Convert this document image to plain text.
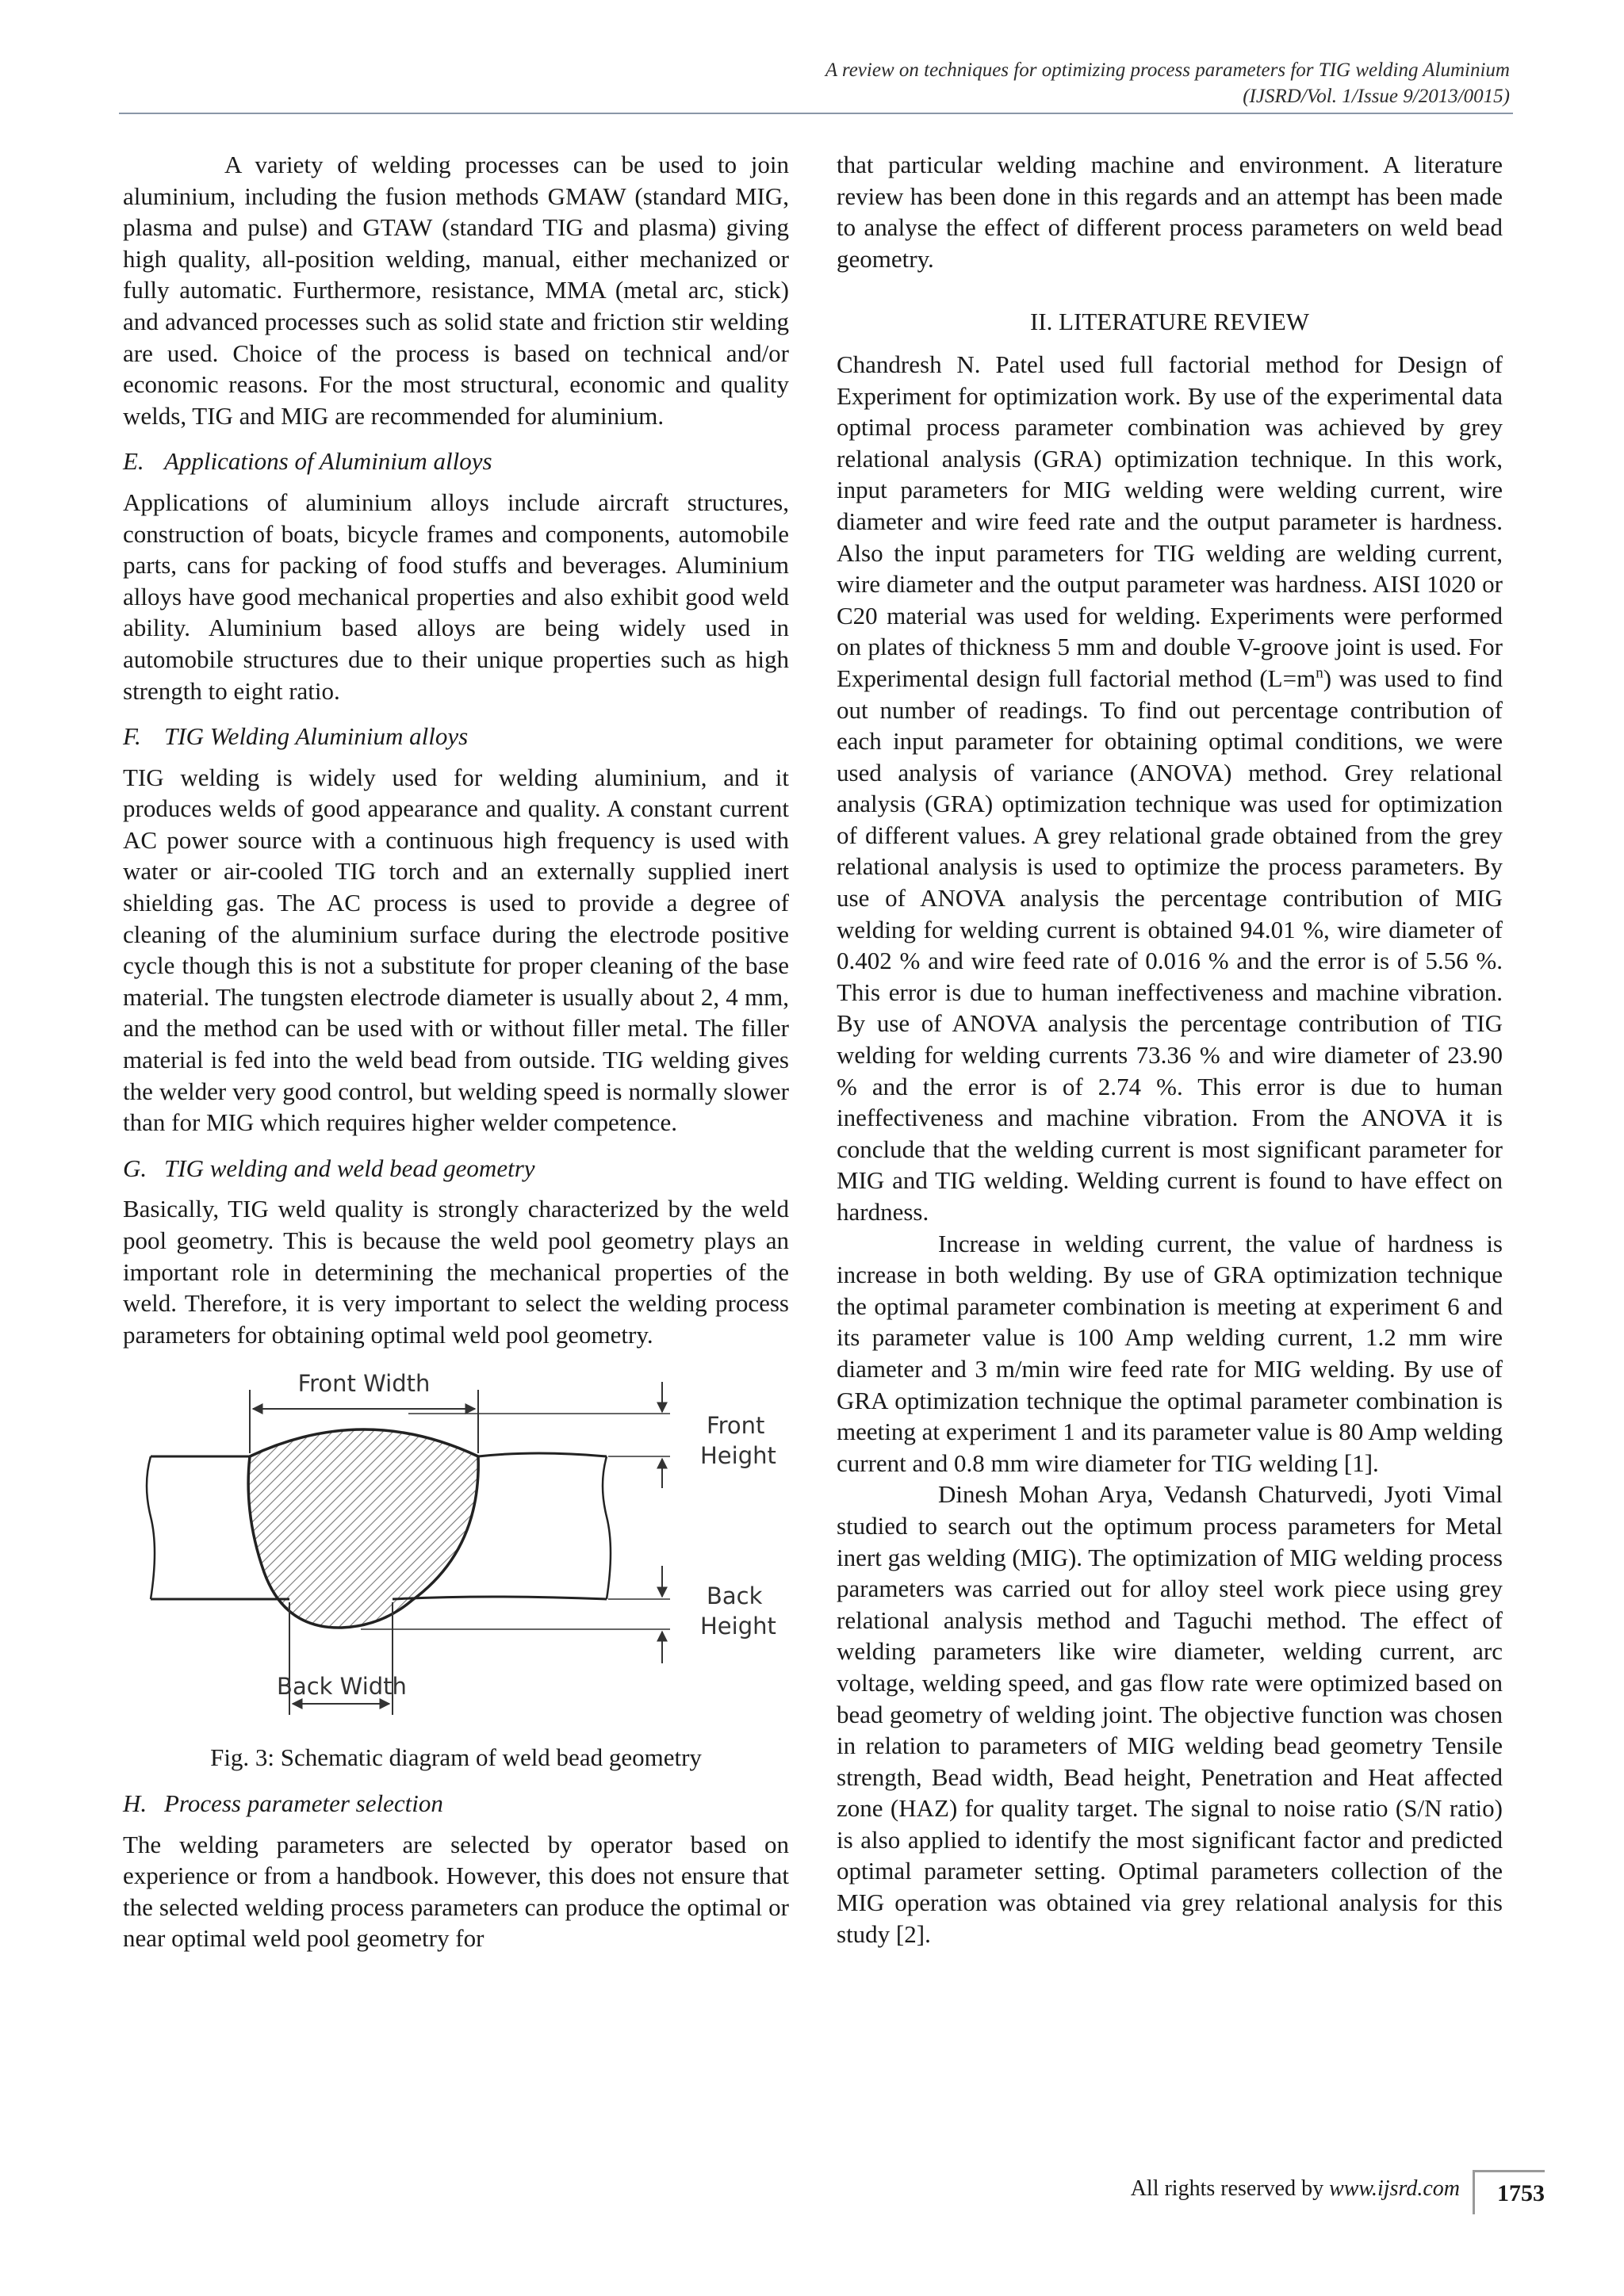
A review on techniques for optimizing process parameters for TIG welding Aluminium
(IJSRD/Vol. 1/Issue 9/2013/0015)

A variety of welding processes can be used to join aluminium, including the fusion methods GMAW (standard MIG, plasma and pulse) and GTAW (standard TIG and plasma) giving high quality, all-position welding, manual, either mechanized or fully automatic. Furthermore, resistance, MMA (metal arc, stick) and advanced processes such as solid state and friction stir welding are used. Choice of the process is based on technical and/or economic reasons. For the most structural, economic and quality welds, TIG and MIG are recommended for aluminium.

E. Applications of Aluminium alloys

Applications of aluminium alloys include aircraft structures, construction of boats, bicycle frames and components, automobile parts, cans for packing of food stuffs and beverages. Aluminium alloys have good mechanical properties and also exhibit good weld ability. Aluminium based alloys are being widely used in automobile structures due to their unique properties such as high strength to eight ratio.

F. TIG Welding Aluminium alloys

TIG welding is widely used for welding aluminium, and it produces welds of good appearance and quality. A constant current AC power source with a continuous high frequency is used with water or air-cooled TIG torch and an externally supplied inert shielding gas. The AC process is used to provide a degree of cleaning of the aluminium surface during the electrode positive cycle though this is not a substitute for proper cleaning of the base material. The tungsten electrode diameter is usually about 2, 4 mm, and the method can be used with or without filler metal. The filler material is fed into the weld bead from outside. TIG welding gives the welder very good control, but welding speed is normally slower than for MIG which requires higher welder competence.

G. TIG welding and weld bead geometry

Basically, TIG weld quality is strongly characterized by the weld pool geometry. This is because the weld pool geometry plays an important role in determining the mechanical properties of the weld. Therefore, it is very important to select the welding process parameters for obtaining optimal weld pool geometry.

Front Width
Front
Height
Back
Height
Back Width
Fig. 3: Schematic diagram of weld bead geometry
H. Process parameter selection

The welding parameters are selected by operator based on experience or from a handbook. However, this does not ensure that the selected welding process parameters can produce the optimal or near optimal weld pool geometry for

that particular welding machine and environment. A literature review has been done in this regards and an attempt has been made to analyse the effect of different process parameters on weld bead geometry.

II. LITERATURE REVIEW

Chandresh N. Patel used full factorial method for Design of Experiment for optimization work. By use of the experimental data optimal process parameter combination was achieved by grey relational analysis (GRA) optimization technique. In this work, input parameters for MIG welding were welding current, wire diameter and wire feed rate and the output parameter is hardness. Also the input parameters for TIG welding are welding current, wire diameter and the output parameter was hardness. AISI 1020 or C20 material was used for welding. Experiments were performed on plates of thickness 5 mm and double V-groove joint is used. For Experimental design full factorial method $(L=m^n)$ was used to find out number of readings. To find out percentage contribution of each input parameter for obtaining optimal conditions, we were used analysis of variance (ANOVA) method. Grey relational analysis (GRA) optimization technique was used for optimization of different values. A grey relational grade obtained from the grey relational analysis is used to optimize the process parameters. By use of ANOVA analysis the percentage contribution of MIG welding for welding current is obtained 94.01 %, wire diameter of 0.402 % and wire feed rate of 0.016 % and the error is of 5.56 %. This error is due to human ineffectiveness and machine vibration. By use of ANOVA analysis the percentage contribution of TIG welding for welding currents 73.36 % and wire diameter of 23.90 % and the error is of 2.74 %. This error is due to human ineffectiveness and machine vibration. From the ANOVA it is conclude that the welding current is most significant parameter for MIG and TIG welding. Welding current is found to have effect on hardness.

Increase in welding current, the value of hardness is increase in both welding. By use of GRA optimization technique the optimal parameter combination is meeting at experiment 6 and its parameter value is 100 Amp welding current, 1.2 mm wire diameter and 3 m/min wire feed rate for MIG welding. By use of GRA optimization technique the optimal parameter combination is meeting at experiment 1 and its parameter value is 80 Amp welding current and 0.8 mm wire diameter for TIG welding [1].

Dinesh Mohan Arya, Vedansh Chaturvedi, Jyoti Vimal studied to search out the optimum process parameters for Metal inert gas welding (MIG). The optimization of MIG welding process parameters was carried out for alloy steel work piece using grey relational analysis method and Taguchi method. The effect of welding parameters like wire diameter, welding current, arc voltage, welding speed, and gas flow rate were optimized based on bead geometry of welding joint. The objective function was chosen in relation to parameters of MIG welding bead geometry Tensile strength, Bead width, Bead height, Penetration and Heat affected zone (HAZ) for quality target. The signal to noise ratio (S/N ratio) is also applied to identify the most significant factor and predicted optimal parameter setting. Optimal parameters collection of the MIG operation was obtained via grey relational analysis for this study [2].

All rights reserved by www.ijsrd.com	1753
